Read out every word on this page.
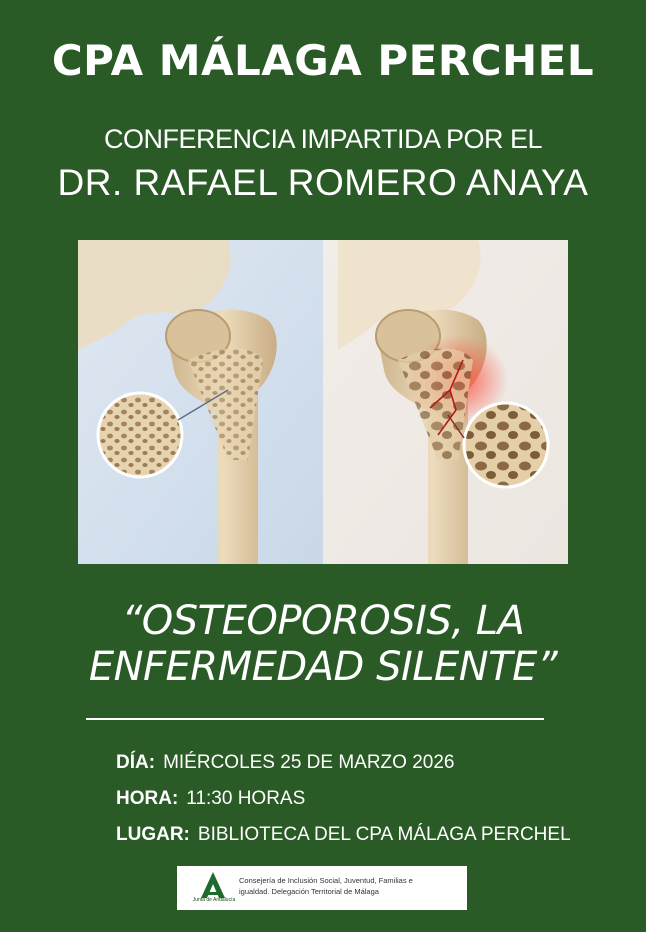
CPA MÁLAGA PERCHEL
CONFERENCIA IMPARTIDA POR EL
DR. RAFAEL ROMERO ANAYA
“OSTEOPOROSIS, LA
ENFERMEDAD SILENTE”
DÍA: MIÉRCOLES 25 DE MARZO 2026
HORA: 11:30 HORAS
LUGAR: BIBLIOTECA DEL CPA MÁLAGA PERCHEL
Junta de Andalucía
Consejería de Inclusión Social, Juventud, Familias e
igualdad. Delegación Territorial de Málaga
